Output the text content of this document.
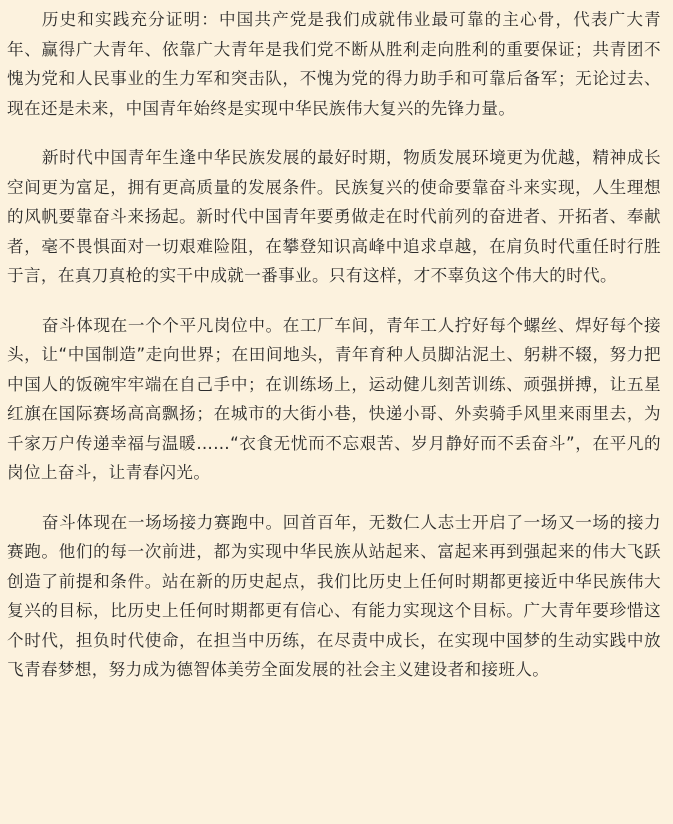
历史和实践充分证明：中国共产党是我们成就伟业最可靠的主心骨，代表广大青年、赢得广大青年、依靠广大青年是我们党不断从胜利走向胜利的重要保证；共青团不愧为党和人民事业的生力军和突击队，不愧为党的得力助手和可靠后备军；无论过去、现在还是未来，中国青年始终是实现中华民族伟大复兴的先锋力量。

新时代中国青年生逢中华民族发展的最好时期，物质发展环境更为优越，精神成长空间更为富足，拥有更高质量的发展条件。民族复兴的使命要靠奋斗来实现，人生理想的风帆要靠奋斗来扬起。新时代中国青年要勇做走在时代前列的奋进者、开拓者、奉献者，毫不畏惧面对一切艰难险阻，在攀登知识高峰中追求卓越，在肩负时代重任时行胜于言，在真刀真枪的实干中成就一番事业。只有这样，才不辜负这个伟大的时代。

奋斗体现在一个个平凡岗位中。在工厂车间，青年工人拧好每个螺丝、焊好每个接头，让“中国制造”走向世界；在田间地头，青年育种人员脚沾泥土、躬耕不辍，努力把中国人的饭碗牢牢端在自己手中；在训练场上，运动健儿刻苦训练、顽强拼搏，让五星红旗在国际赛场高高飘扬；在城市的大街小巷，快递小哥、外卖骑手风里来雨里去，为千家万户传递幸福与温暖……“衣食无忧而不忘艰苦、岁月静好而不丢奋斗”，在平凡的岗位上奋斗，让青春闪光。

奋斗体现在一场场接力赛跑中。回首百年，无数仁人志士开启了一场又一场的接力赛跑。他们的每一次前进，都为实现中华民族从站起来、富起来再到强起来的伟大飞跃创造了前提和条件。站在新的历史起点，我们比历史上任何时期都更接近中华民族伟大复兴的目标，比历史上任何时期都更有信心、有能力实现这个目标。广大青年要珍惜这个时代，担负时代使命，在担当中历练，在尽责中成长，在实现中国梦的生动实践中放飞青春梦想，努力成为德智体美劳全面发展的社会主义建设者和接班人。
